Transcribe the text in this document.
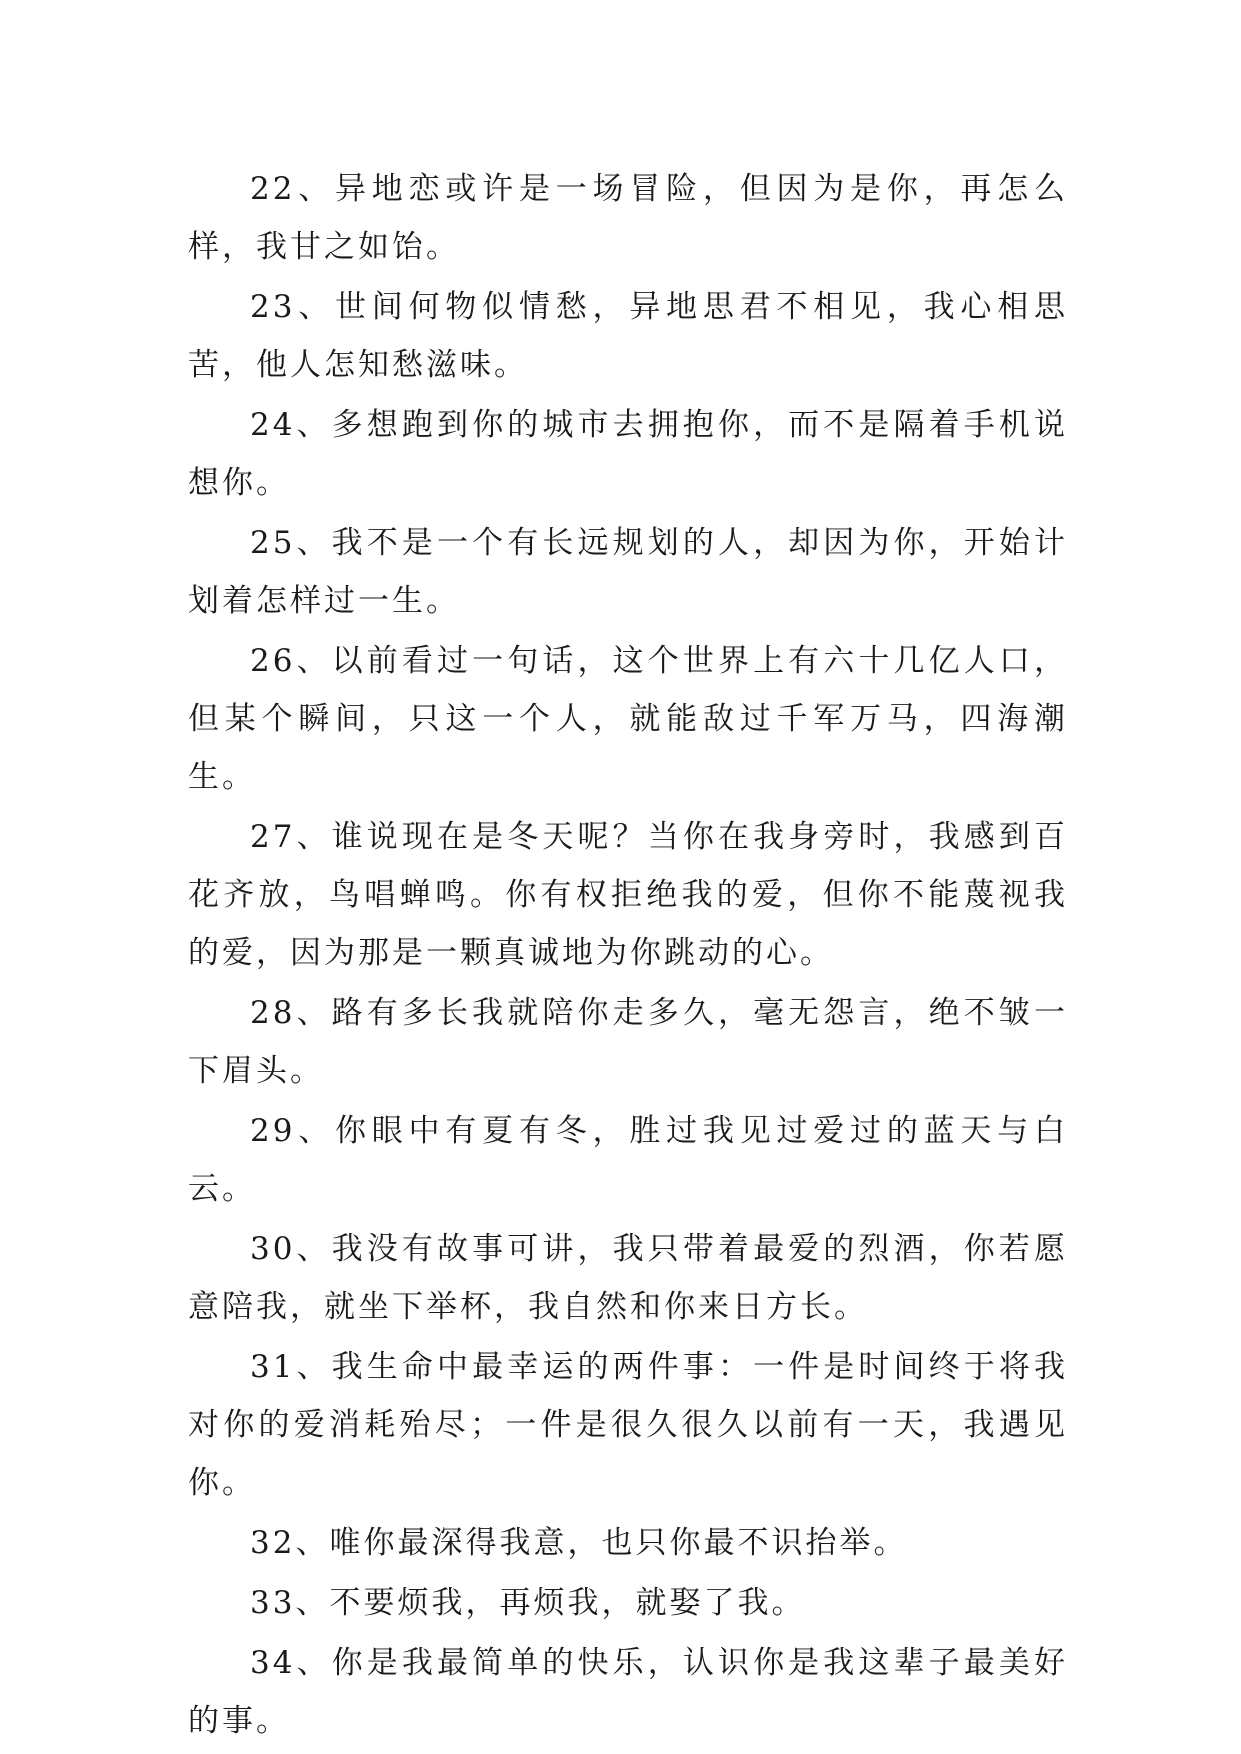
22、异地恋或许是一场冒险，但因为是你，再怎么样，我甘之如饴。

23、世间何物似情愁，异地思君不相见，我心相思苦，他人怎知愁滋味。

24、多想跑到你的城市去拥抱你，而不是隔着手机说想你。

25、我不是一个有长远规划的人，却因为你，开始计划着怎样过一生。

26、以前看过一句话，这个世界上有六十几亿人口，但某个瞬间，只这一个人，就能敌过千军万马，四海潮生。

27、谁说现在是冬天呢？当你在我身旁时，我感到百花齐放，鸟唱蝉鸣。你有权拒绝我的爱，但你不能蔑视我的爱，因为那是一颗真诚地为你跳动的心。

28、路有多长我就陪你走多久，毫无怨言，绝不皱一下眉头。

29、你眼中有夏有冬，胜过我见过爱过的蓝天与白云。

30、我没有故事可讲，我只带着最爱的烈酒，你若愿意陪我，就坐下举杯，我自然和你来日方长。

31、我生命中最幸运的两件事：一件是时间终于将我对你的爱消耗殆尽；一件是很久很久以前有一天，我遇见你。

32、唯你最深得我意，也只你最不识抬举。

33、不要烦我，再烦我，就娶了我。

34、你是我最简单的快乐，认识你是我这辈子最美好的事。
